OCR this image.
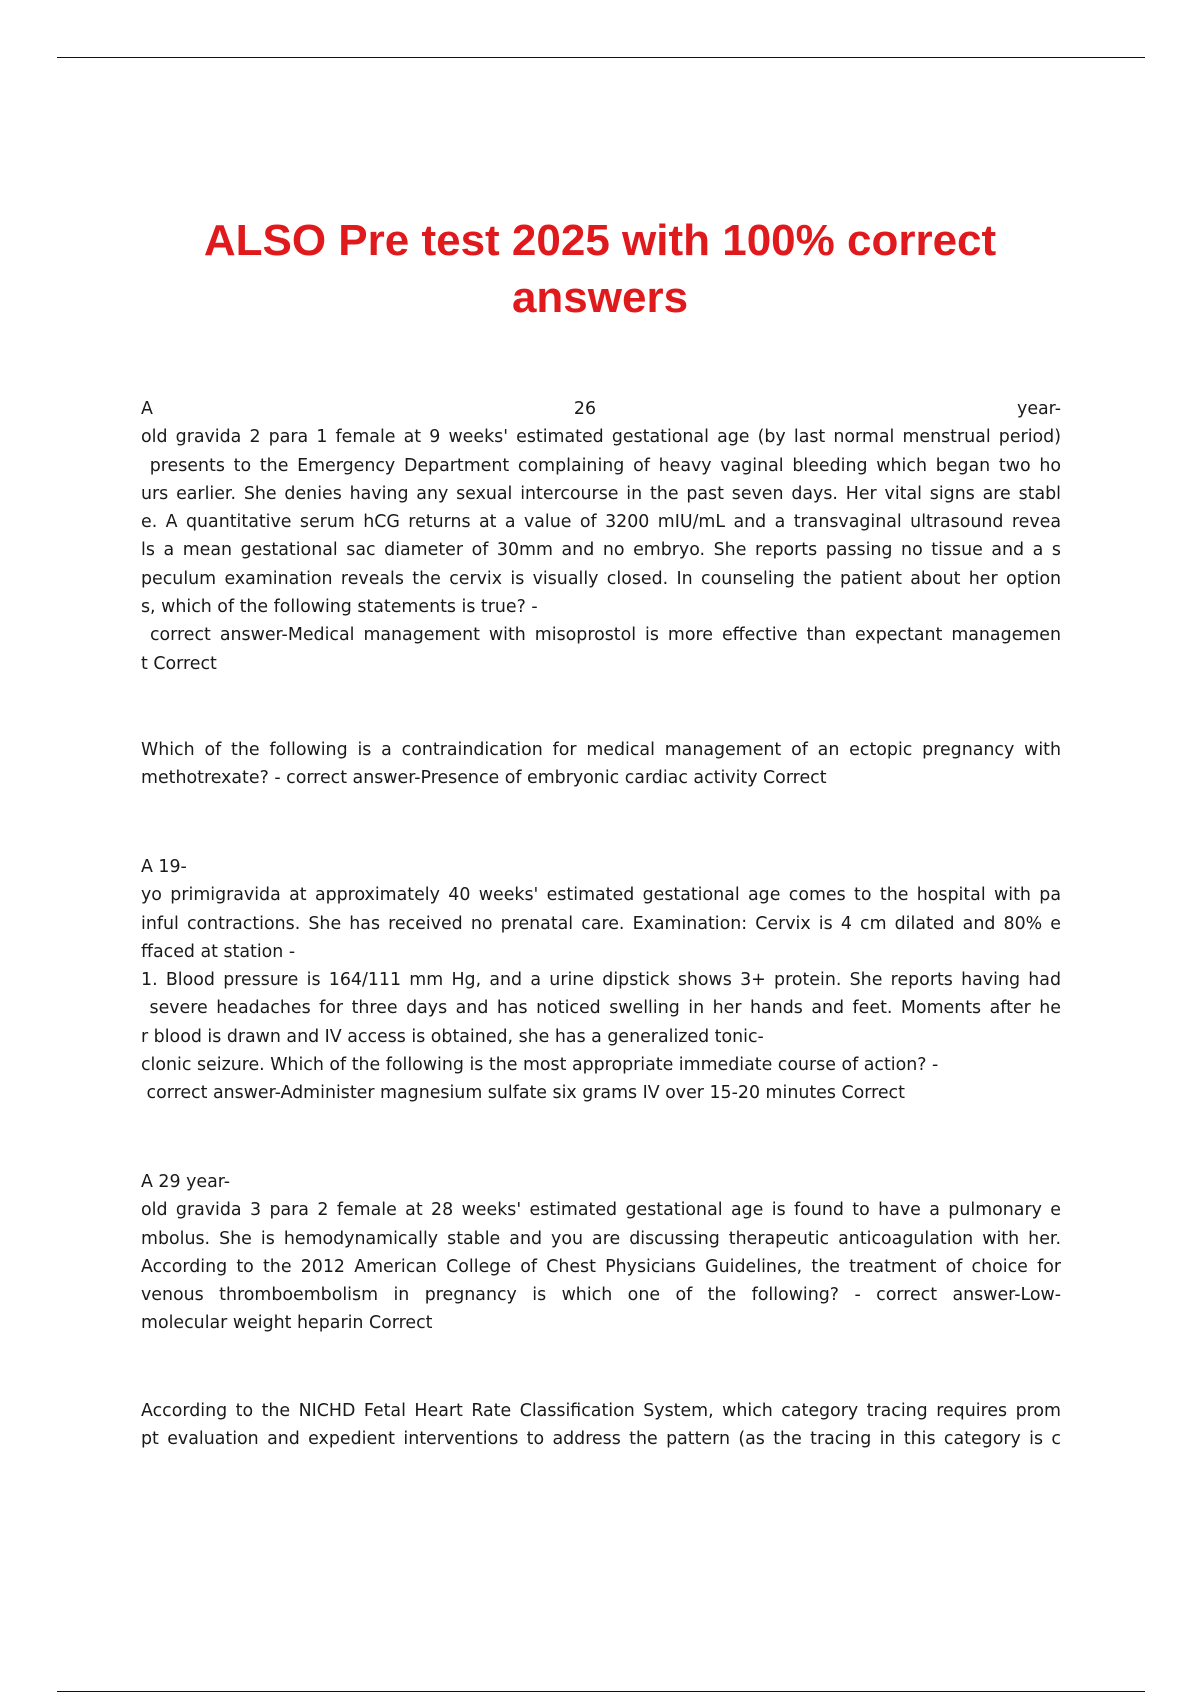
ALSO Pre test 2025 with 100% correct
answers
A 26 year-
old gravida 2 para 1 female at 9 weeks' estimated gestational age (by last normal menstrual period)
presents to the Emergency Department complaining of heavy vaginal bleeding which began two ho
urs earlier. She denies having any sexual intercourse in the past seven days. Her vital signs are stabl
e. A quantitative serum hCG returns at a value of 3200 mIU/mL and a transvaginal ultrasound revea
ls a mean gestational sac diameter of 30mm and no embryo. She reports passing no tissue and a s
peculum examination reveals the cervix is visually closed. In counseling the patient about her option
s, which of the following statements is true? -
correct answer-Medical management with misoprostol is more effective than expectant managemen
t Correct
Which of the following is a contraindication for medical management of an ectopic pregnancy with
methotrexate? - correct answer-Presence of embryonic cardiac activity Correct
A 19-
yo primigravida at approximately 40 weeks' estimated gestational age comes to the hospital with pa
inful contractions. She has received no prenatal care. Examination: Cervix is 4 cm dilated and 80% e
ffaced at station -
1. Blood pressure is 164/111 mm Hg, and a urine dipstick shows 3+ protein. She reports having had
severe headaches for three days and has noticed swelling in her hands and feet. Moments after he
r blood is drawn and IV access is obtained, she has a generalized tonic-
clonic seizure. Which of the following is the most appropriate immediate course of action? -
correct answer-Administer magnesium sulfate six grams IV over 15-20 minutes Correct
A 29 year-
old gravida 3 para 2 female at 28 weeks' estimated gestational age is found to have a pulmonary e
mbolus. She is hemodynamically stable and you are discussing therapeutic anticoagulation with her.
According to the 2012 American College of Chest Physicians Guidelines, the treatment of choice for
venous thromboembolism in pregnancy is which one of the following? - correct answer-Low-
molecular weight heparin Correct
According to the NICHD Fetal Heart Rate Classification System, which category tracing requires prom
pt evaluation and expedient interventions to address the pattern (as the tracing in this category is c
